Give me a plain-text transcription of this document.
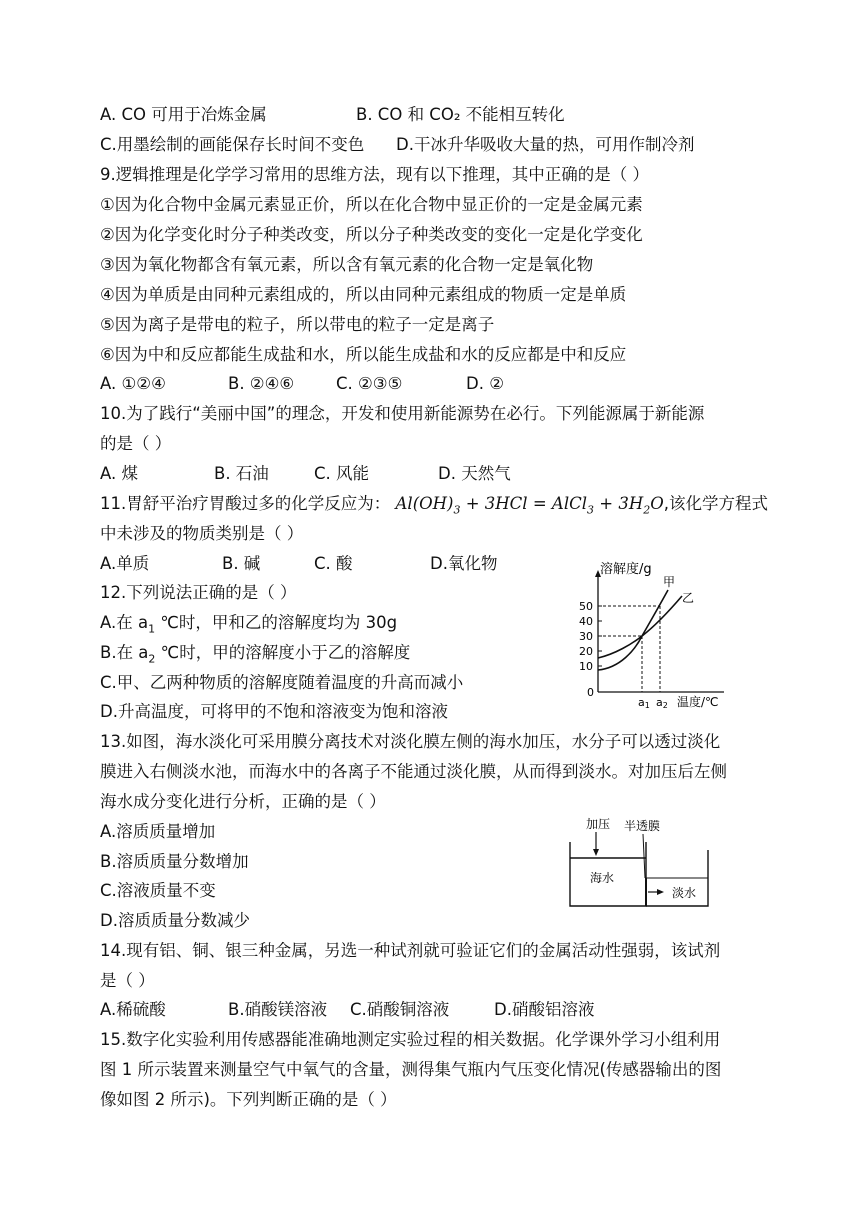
A. CO 可用于冶炼金属	B. CO 和 CO₂ 不能相互转化
C.用墨绘制的画能保存长时间不变色 D.干冰升华吸收大量的热，可用作制冷剂
9.逻辑推理是化学学习常用的思维方法，现有以下推理，其中正确的是（ ）
①因为化合物中金属元素显正价，所以在化合物中显正价的一定是金属元素
②因为化学变化时分子种类改变，所以分子种类改变的变化一定是化学变化
③因为氧化物都含有氧元素，所以含有氧元素的化合物一定是氧化物
④因为单质是由同种元素组成的，所以由同种元素组成的物质一定是单质
⑤因为离子是带电的粒子，所以带电的粒子一定是离子
⑥因为中和反应都能生成盐和水，所以能生成盐和水的反应都是中和反应
A. ①②④	B. ②④⑥	C. ②③⑤	D. ②
10.为了践行“美丽中国”的理念，开发和使用新能源势在必行。下列能源属于新能源
的是（ ）
A. 煤	B. 石油	C. 风能	D. 天然气
11.胃舒平治疗胃酸过多的化学反应为： $Al(OH)_3 + 3HCl$ = AlCl$_3$ + $3H_2O$,该化学方程式
中未涉及的物质类别是（ ）
A.单质	B. 碱	C. 酸	D.氧化物
12.下列说法正确的是（ ）
A.在 $a_1$ ℃时，甲和乙的溶解度均为 30g
B.在 $a_2$ ℃时，甲的溶解度小于乙的溶解度
C.甲、乙两种物质的溶解度随着温度的升高而减小
D.升高温度，可将甲的不饱和溶液变为饱和溶液
50
40
30
20
10
溶解度/g
甲
乙
0
a1 a2 温度/℃
13.如图，海水淡化可采用膜分离技术对淡化膜左侧的海水加压，水分子可以透过淡化
膜进入右侧淡水池，而海水中的各离子不能通过淡化膜，从而得到淡水。对加压后左侧
海水成分变化进行分析，正确的是（ ）
A.溶质质量增加
B.溶质质量分数增加
C.溶液质量不变
D.溶质质量分数减少
加压 半透膜
海水
淡水
14.现有铝、铜、银三种金属，另选一种试剂就可验证它们的金属活动性强弱，该试剂
是（ ）
A.稀硫酸	B.硝酸镁溶液 C.硝酸铜溶液	D.硝酸铝溶液
15.数字化实验利用传感器能准确地测定实验过程的相关数据。化学课外学习小组利用
图 1 所示装置来测量空气中氧气的含量，测得集气瓶内气压变化情况(传感器输出的图
像如图 2 所示)。下列判断正确的是（ ）
